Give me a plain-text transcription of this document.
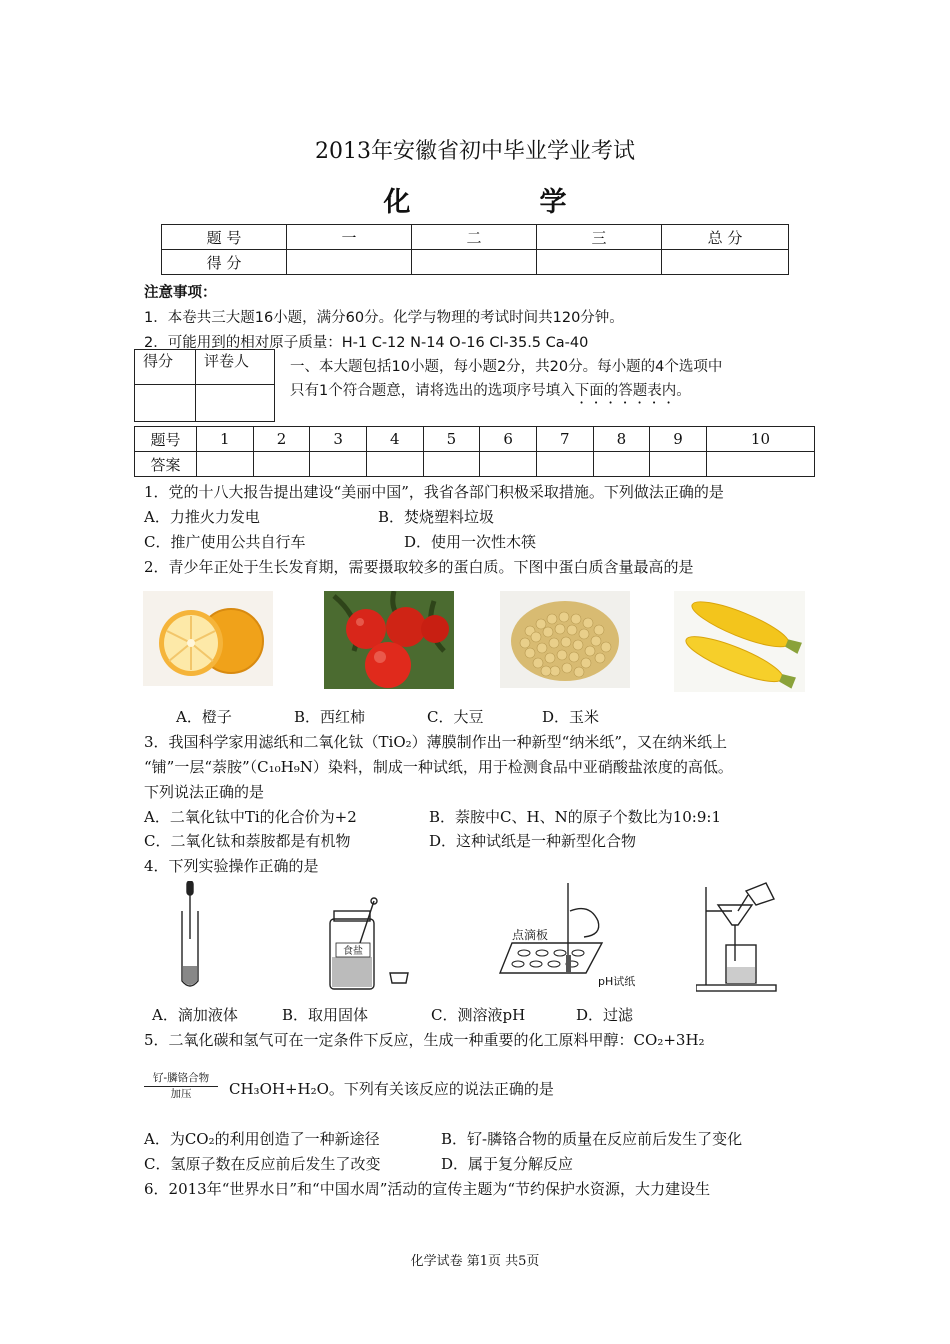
2013年安徽省初中毕业学业考试
化	学
题 号	一	二	三	总 分
得 分				
注意事项：
1．本卷共三大题16小题，满分60分。化学与物理的考试时间共120分钟。
2．可能用到的相对原子质量：H-1 C-12 N-14 O-16 Cl-35.5 Ca-40
得分	评卷人
		一、本大题包括10小题，每小题2分，共20分。每小题的4个选项中
只有1个符合题意，请将选出的选项序号填入下面的答题表内。
题号	1	2	3	4	5	6	7	8	9	10
答案										
1．党的十八大报告提出建设“美丽中国”，我省各部门积极采取措施。下列做法正确的是
A．力推火力发电	B．焚烧塑料垃圾
C．推广使用公共自行车	D．使用一次性木筷
2．青少年正处于生长发育期，需要摄取较多的蛋白质。下图中蛋白质含量最高的是
A．橙子	B．西红柿	C．大豆	D．玉米
3．我国科学家用滤纸和二氧化钛（TiO₂）薄膜制作出一种新型“纳米纸”，又在纳米纸上
“铺”一层“萘胺”（C₁₀H₉N）染料，制成一种试纸，用于检测食品中亚硝酸盐浓度的高低。
下列说法正确的是
A．二氧化钛中Ti的化合价为+2	B．萘胺中C、H、N的原子个数比为10:9:1
C．二氧化钛和萘胺都是有机物	D．这种试纸是一种新型化合物
4．下列实验操作正确的是
食盐
点滴板
pH试纸
A．滴加液体	B．取用固体	C．测溶液pH	D．过滤
5．二氧化碳和氢气可在一定条件下反应，生成一种重要的化工原料甲醇：CO₂+3H₂
钌-膦铬合物
加压	CH₃OH+H₂O。下列有关该反应的说法正确的是
A．为CO₂的利用创造了一种新途径	B．钌-膦铬合物的质量在反应前后发生了变化
C．氢原子数在反应前后发生了改变	D．属于复分解反应
6．2013年“世界水日”和“中国水周”活动的宣传主题为“节约保护水资源，大力建设生
化学试卷 第1页 共5页
